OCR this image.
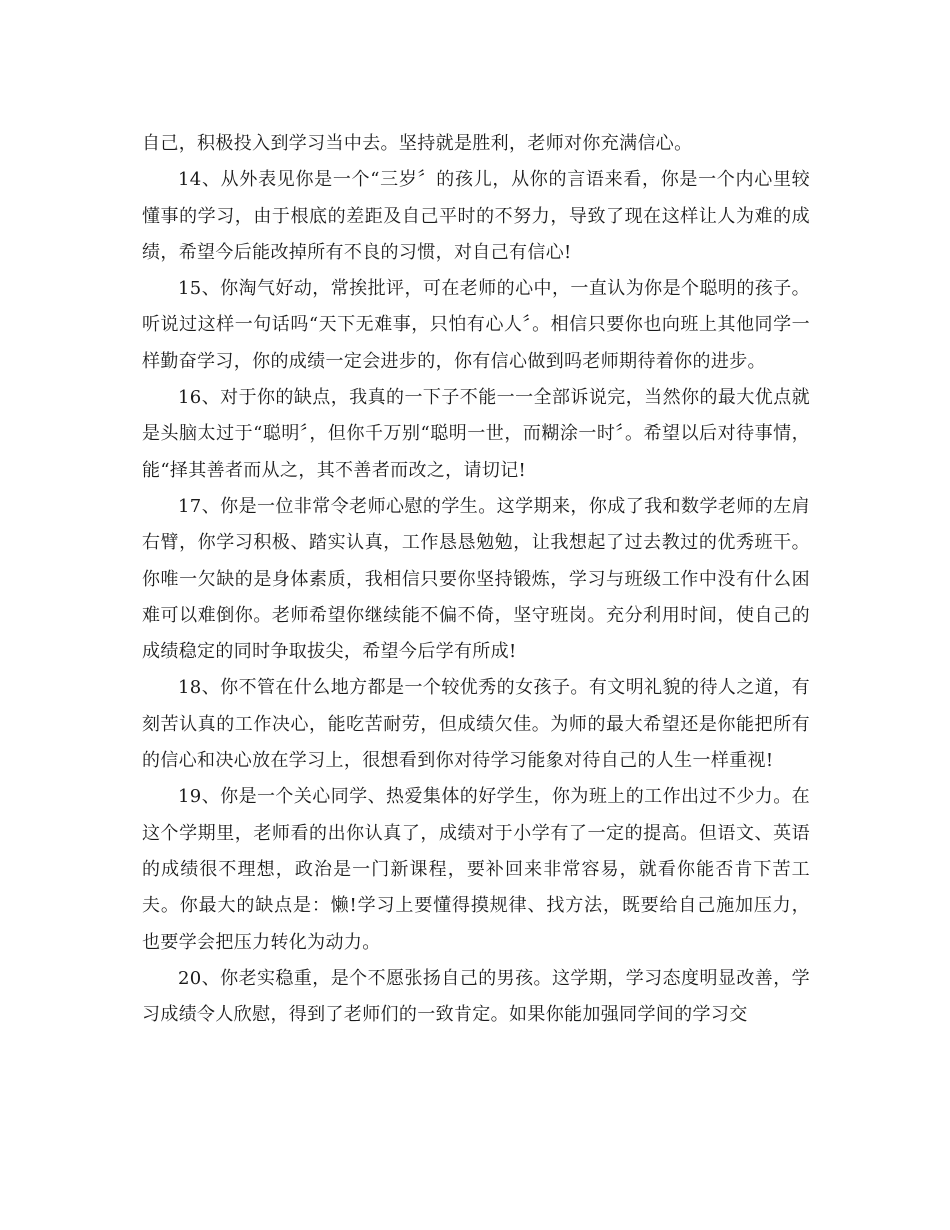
自己，积极投入到学习当中去。坚持就是胜利，老师对你充满信心。

14、从外表见你是一个“三岁〞的孩儿，从你的言语来看，你是一个内心里较懂事的学习，由于根底的差距及自己平时的不努力，导致了现在这样让人为难的成绩，希望今后能改掉所有不良的习惯，对自己有信心!

15、你淘气好动，常挨批评，可在老师的心中，一直认为你是个聪明的孩子。听说过这样一句话吗“天下无难事，只怕有心人〞。相信只要你也向班上其他同学一样勤奋学习，你的成绩一定会进步的，你有信心做到吗老师期待着你的进步。

16、对于你的缺点，我真的一下子不能一一全部诉说完，当然你的最大优点就是头脑太过于“聪明〞，但你千万别“聪明一世，而糊涂一时〞。希望以后对待事情，能“择其善者而从之，其不善者而改之，请切记!

17、你是一位非常令老师心慰的学生。这学期来，你成了我和数学老师的左肩右臂，你学习积极、踏实认真，工作恳恳勉勉，让我想起了过去教过的优秀班干。你唯一欠缺的是身体素质，我相信只要你坚持锻炼，学习与班级工作中没有什么困难可以难倒你。老师希望你继续能不偏不倚，坚守班岗。充分利用时间，使自己的成绩稳定的同时争取拔尖，希望今后学有所成!

18、你不管在什么地方都是一个较优秀的女孩子。有文明礼貌的待人之道，有刻苦认真的工作决心，能吃苦耐劳，但成绩欠佳。为师的最大希望还是你能把所有的信心和决心放在学习上，很想看到你对待学习能象对待自己的人生一样重视!

19、你是一个关心同学、热爱集体的好学生，你为班上的工作出过不少力。在这个学期里，老师看的出你认真了，成绩对于小学有了一定的提高。但语文、英语的成绩很不理想，政治是一门新课程，要补回来非常容易，就看你能否肯下苦工夫。你最大的缺点是：懒!学习上要懂得摸规律、找方法，既要给自己施加压力，也要学会把压力转化为动力。

20、你老实稳重，是个不愿张扬自己的男孩。这学期，学习态度明显改善，学习成绩令人欣慰，得到了老师们的一致肯定。如果你能加强同学间的学习交
